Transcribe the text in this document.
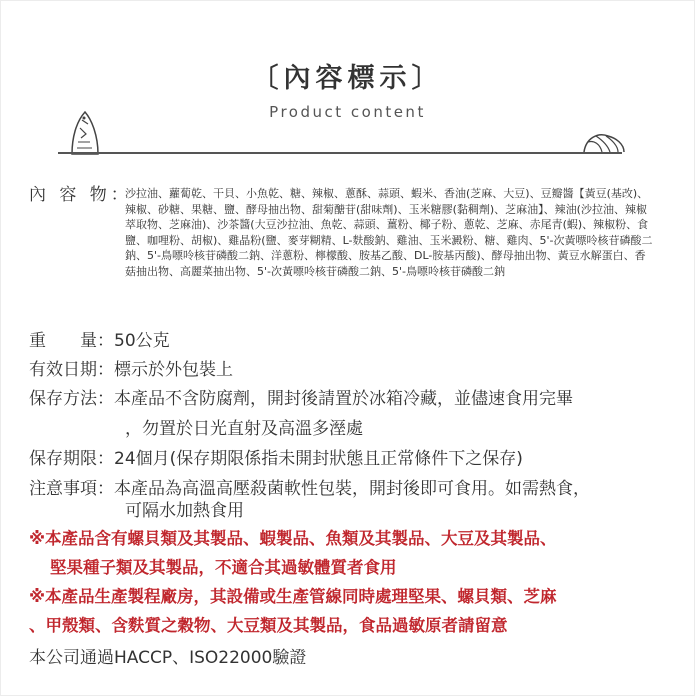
〔內容標示〕
Product content
內 容 物：
沙拉油、蘿蔔乾、干貝、小魚乾、糖、辣椒、蔥酥、蒜頭、蝦米、香油(芝麻、大豆)、豆瓣醬【黃豆(基改)、辣椒、砂糖、果糖、鹽、酵母抽出物、甜菊醣苷(甜味劑)、玉米糖膠(黏稠劑)、芝麻油】、辣油(沙拉油、辣椒萃取物、芝麻油)、沙茶醬(大豆沙拉油、魚乾、蒜頭、薑粉、椰子粉、蔥乾、芝麻、赤尾青(蝦)、辣椒粉、食鹽、咖哩粉、胡椒)、雞晶粉(鹽、麥芽糊精、L-麩酸鈉、雞油、玉米澱粉、糖、雞肉、5'-次黃嘌呤核苷磷酸二鈉、5'-鳥嘌呤核苷磷酸二鈉、洋蔥粉、檸檬酸、胺基乙酸、DL-胺基丙酸)、酵母抽出物、黃豆水解蛋白、香菇抽出物、高麗菜抽出物、5'-次黃嘌呤核苷磷酸二鈉、5'-鳥嘌呤核苷磷酸二鈉
重　　量：50公克
有效日期：標示於外包裝上
保存方法：本產品不含防腐劑，開封後請置於冰箱冷藏，並儘速食用完畢
，勿置於日光直射及高溫多溼處
保存期限：24個月(保存期限係指未開封狀態且正常條件下之保存)
注意事項：本產品為高溫高壓殺菌軟性包裝，開封後即可食用。如需熱食，
可隔水加熱食用
※本產品含有螺貝類及其製品、蝦製品、魚類及其製品、大豆及其製品、
堅果種子類及其製品，不適合其過敏體質者食用
※本產品生產製程廠房，其設備或生產管線同時處理堅果、螺貝類、芝麻
、甲殼類、含麩質之穀物、大豆類及其製品，食品過敏原者請留意
本公司通過HACCP、ISO22000驗證
